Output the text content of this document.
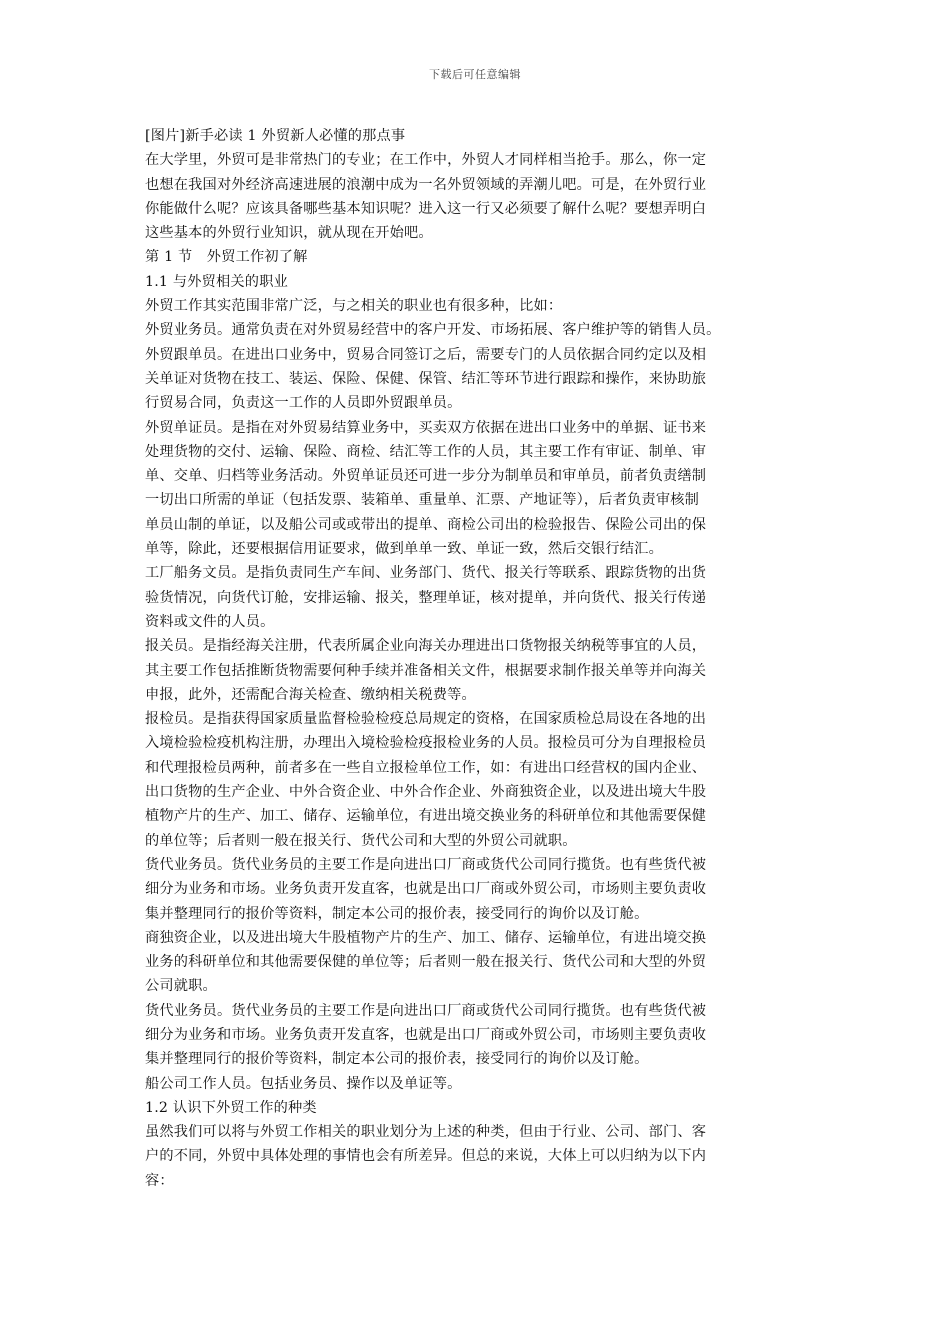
下载后可任意编辑
[图片]新手必读 1 外贸新人必懂的那点事
在大学里，外贸可是非常热门的专业；在工作中，外贸人才同样相当抢手。那么，你一定
也想在我国对外经济高速进展的浪潮中成为一名外贸领域的弄潮儿吧。可是，在外贸行业
你能做什么呢？应该具备哪些基本知识呢？进入这一行又必须要了解什么呢？要想弄明白
这些基本的外贸行业知识，就从现在开始吧。
第 1 节　外贸工作初了解
1.1 与外贸相关的职业
外贸工作其实范围非常广泛，与之相关的职业也有很多种，比如：
外贸业务员。通常负责在对外贸易经营中的客户开发、市场拓展、客户维护等的销售人员。
外贸跟单员。在进出口业务中，贸易合同签订之后，需要专门的人员依据合同约定以及相
关单证对货物在技工、装运、保险、保健、保管、结汇等环节进行跟踪和操作，来协助旅
行贸易合同，负责这一工作的人员即外贸跟单员。
外贸单证员。是指在对外贸易结算业务中，买卖双方依据在进出口业务中的单据、证书来
处理货物的交付、运输、保险、商检、结汇等工作的人员，其主要工作有审证、制单、审
单、交单、归档等业务活动。外贸单证员还可进一步分为制单员和审单员，前者负责缮制
一切出口所需的单证（包括发票、装箱单、重量单、汇票、产地证等），后者负责审核制
单员山制的单证，以及船公司或或带出的提单、商检公司出的检验报告、保险公司出的保
单等，除此，还要根据信用证要求，做到单单一致、单证一致，然后交银行结汇。
工厂船务文员。是指负责同生产车间、业务部门、货代、报关行等联系、跟踪货物的出货
验货情况，向货代订舱，安排运输、报关，整理单证，核对提单，并向货代、报关行传递
资料或文件的人员。
报关员。是指经海关注册，代表所属企业向海关办理进出口货物报关纳税等事宜的人员，
其主要工作包括推断货物需要何种手续并准备相关文件，根据要求制作报关单等并向海关
申报，此外，还需配合海关检查、缴纳相关税费等。
报检员。是指获得国家质量监督检验检疫总局规定的资格，在国家质检总局设在各地的出
入境检验检疫机构注册，办理出入境检验检疫报检业务的人员。报检员可分为自理报检员
和代理报检员两种，前者多在一些自立报检单位工作，如：有进出口经营权的国内企业、
出口货物的生产企业、中外合资企业、中外合作企业、外商独资企业，以及进出境大牛股
植物产片的生产、加工、储存、运输单位，有进出境交换业务的科研单位和其他需要保健
的单位等；后者则一般在报关行、货代公司和大型的外贸公司就职。
货代业务员。货代业务员的主要工作是向进出口厂商或货代公司同行揽货。也有些货代被
细分为业务和市场。业务负责开发直客，也就是出口厂商或外贸公司，市场则主要负责收
集并整理同行的报价等资料，制定本公司的报价表，接受同行的询价以及订舱。
商独资企业，以及进出境大牛股植物产片的生产、加工、储存、运输单位，有进出境交换
业务的科研单位和其他需要保健的单位等；后者则一般在报关行、货代公司和大型的外贸
公司就职。
货代业务员。货代业务员的主要工作是向进出口厂商或货代公司同行揽货。也有些货代被
细分为业务和市场。业务负责开发直客，也就是出口厂商或外贸公司，市场则主要负责收
集并整理同行的报价等资料，制定本公司的报价表，接受同行的询价以及订舱。
船公司工作人员。包括业务员、操作以及单证等。
1.2 认识下外贸工作的种类
虽然我们可以将与外贸工作相关的职业划分为上述的种类，但由于行业、公司、部门、客
户的不同，外贸中具体处理的事情也会有所差异。但总的来说，大体上可以归纳为以下内
容：
